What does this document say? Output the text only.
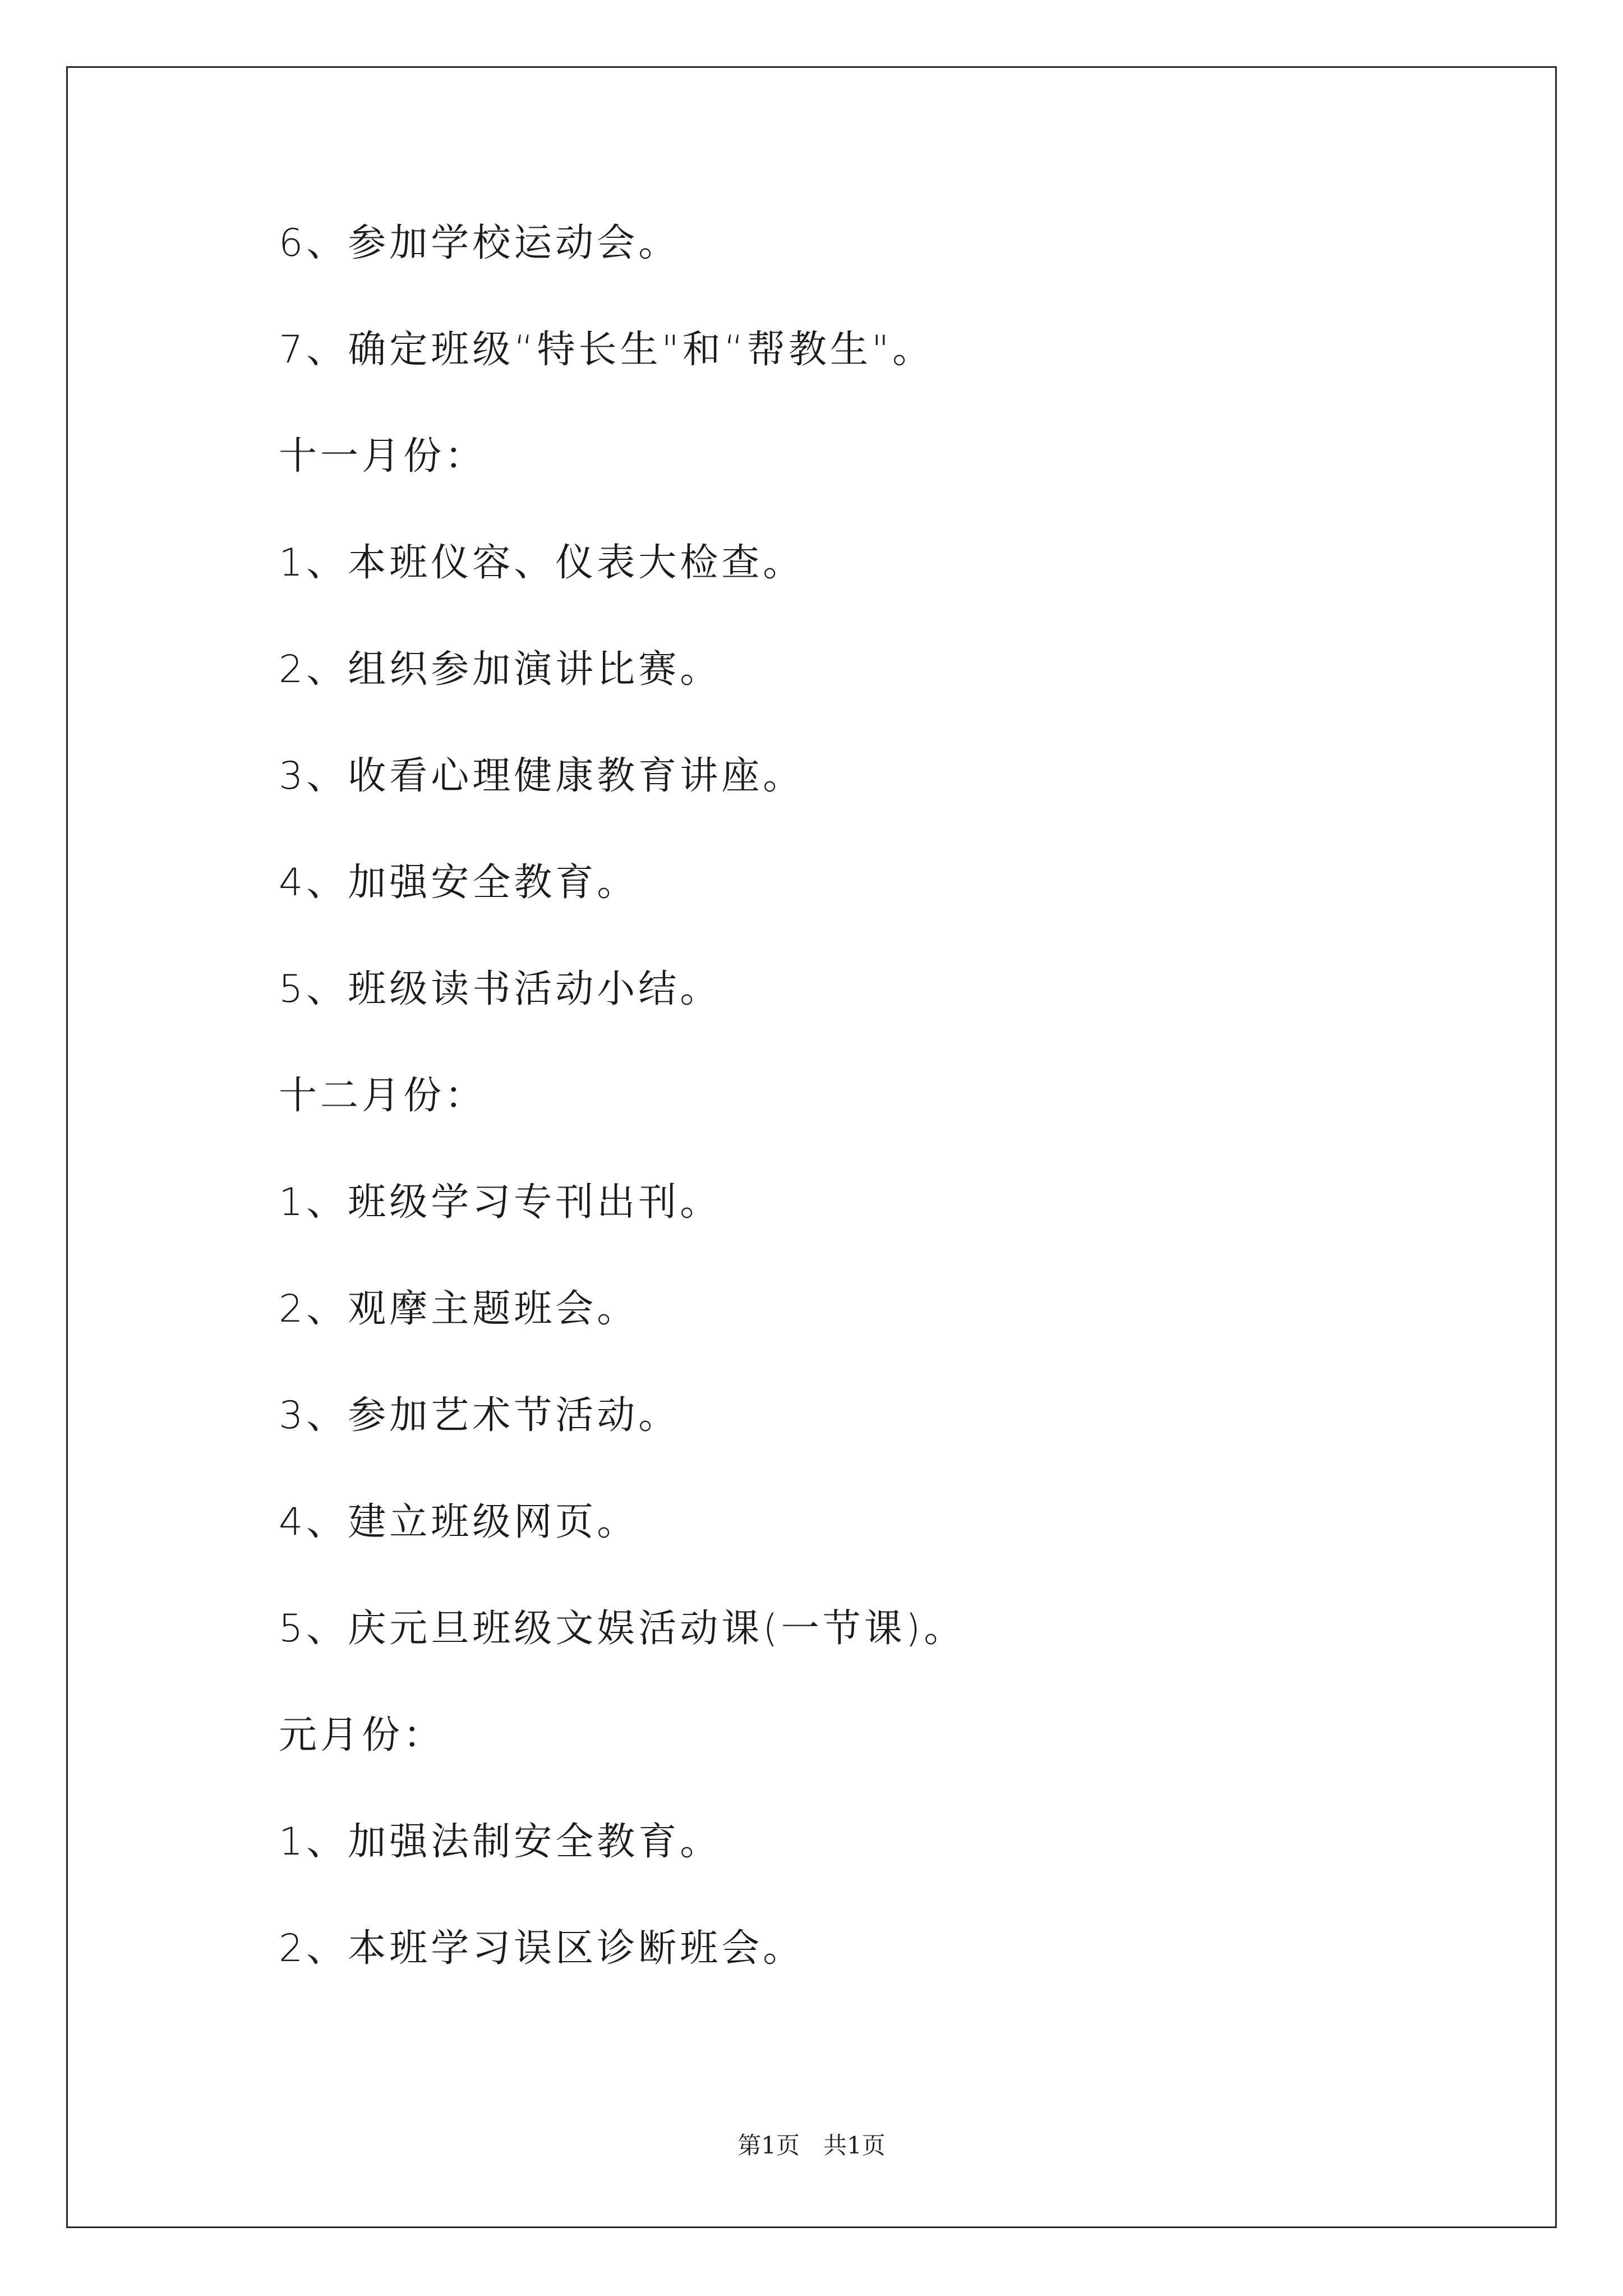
6、参加学校运动会。

7、确定班级“特长生"和“帮教生"。

十一月份：

1、本班仪容、仪表大检查。

2、组织参加演讲比赛。

3、收看心理健康教育讲座。

4、加强安全教育。

5、班级读书活动小结。

十二月份：

1、班级学习专刊出刊。

2、观摩主题班会。

3、参加艺术节活动。

4、建立班级网页。

5、庆元旦班级文娱活动课(一节课)。

元月份：

1、加强法制安全教育。

2、本班学习误区诊断班会。

第1页　共1页
